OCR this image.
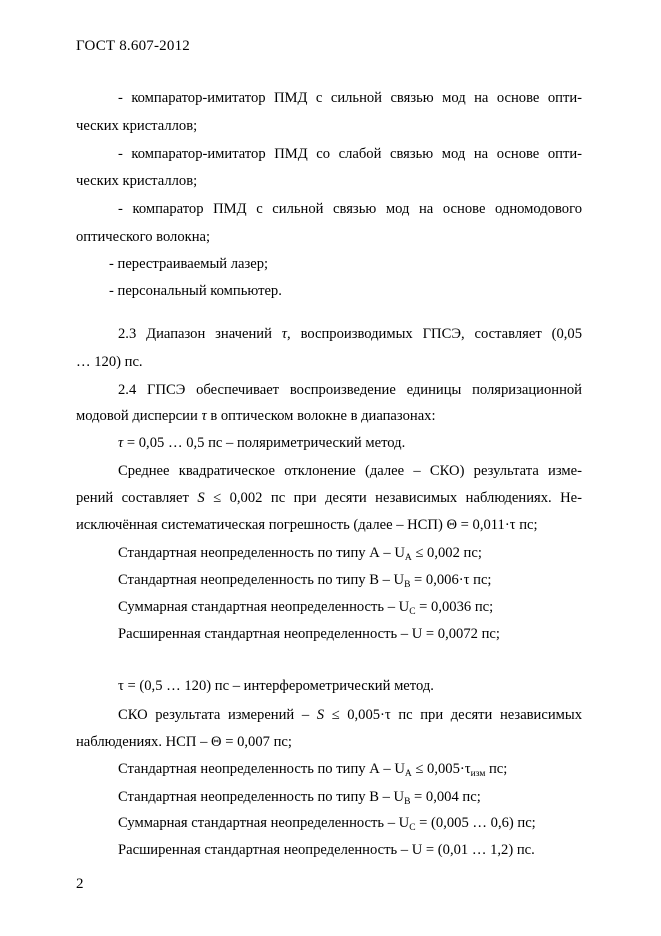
ГОСТ 8.607-2012
- компаратор-имитатор ПМД с сильной связью мод на основе опти-
ческих кристаллов;
- компаратор-имитатор ПМД со слабой связью мод на основе опти-
ческих кристаллов;
- компаратор ПМД с сильной связью мод на основе одномодового
оптического волокна;
- перестраиваемый лазер;
- персональный компьютер.
2.3 Диапазон значений τ, воспроизводимых ГПСЭ, составляет (0,05
… 120) пс.
2.4 ГПСЭ обеспечивает воспроизведение единицы поляризационной
модовой дисперсии τ в оптическом волокне в диапазонах:
τ = 0,05 … 0,5 пс – поляриметрический метод.
Среднее квадратическое отклонение (далее – СКО) результата изме-
рений составляет S ≤ 0,002 пс при десяти независимых наблюдениях. Не-
исключённая систематическая погрешность (далее – НСП) Θ = 0,011·τ пс;
Стандартная неопределенность по типу $А - U_A \le 0,002$ пс;
Стандартная неопределенность по типу $В - U_B = 0,006\cdot\tau$ пс;
Суммарная стандартная неопределенность – $U_C = 0,0036$ пс;
Расширенная стандартная неопределенность – U = 0,0072 пс;
τ = (0,5 … 120) пс – интерферометрический метод.
СКО результата измерений – S ≤ 0,005·τ пс при десяти независимых
наблюдениях. НСП – Θ = 0,007 пс;
Стандартная неопределенность по типу $А - U_A \le 0,005\cdot\tau_{изм}$ пс;
Стандартная неопределенность по типу $В - U_B = 0,004$ пс;
Суммарная стандартная неопределенность – $U_C = (0,005$ … 0,6) пс;
Расширенная стандартная неопределенность – U = (0,01 … 1,2) пс.
2
